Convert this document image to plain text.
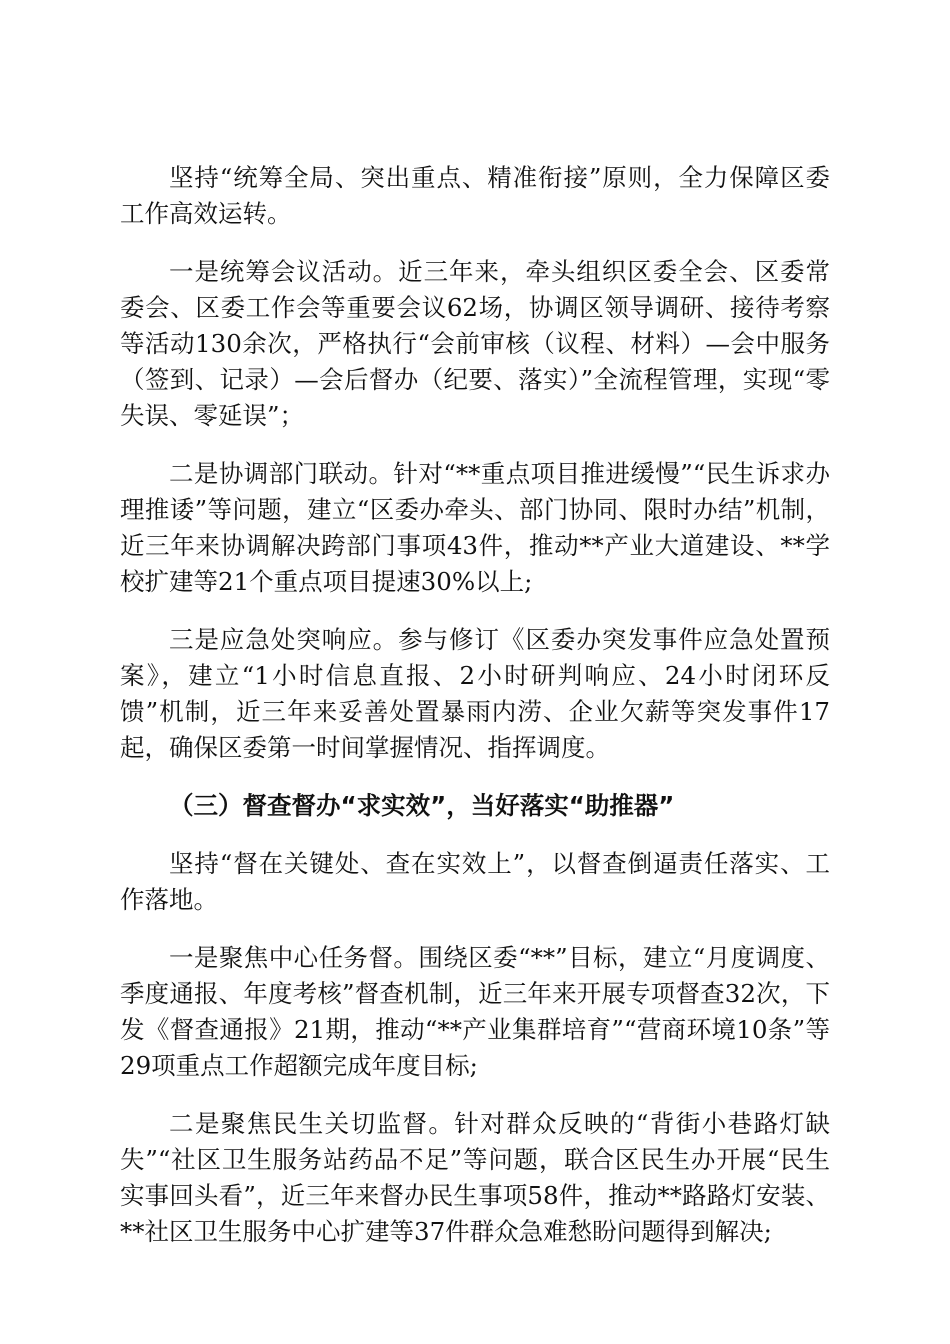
坚持“统筹全局、突出重点、精准衔接”原则，全力保障区委工作高效运转。

一是统筹会议活动。近三年来，牵头组织区委全会、区委常委会、区委工作会等重要会议62场，协调区领导调研、接待考察等活动130余次，严格执行“会前审核（议程、材料）—会中服务（签到、记录）—会后督办（纪要、落实）”全流程管理，实现“零失误、零延误”；

二是协调部门联动。针对“**重点项目推进缓慢”“民生诉求办理推诿”等问题，建立“区委办牵头、部门协同、限时办结”机制，近三年来协调解决跨部门事项43件，推动**产业大道建设、**学校扩建等21个重点项目提速30%以上;

三是应急处突响应。参与修订《区委办突发事件应急处置预案》，建立“1小时信息直报、2小时研判响应、24小时闭环反馈”机制，近三年来妥善处置暴雨内涝、企业欠薪等突发事件17起，确保区委第一时间掌握情况、指挥调度。

（三）督查督办“求实效”，当好落实“助推器”

坚持“督在关键处、查在实效上”，以督查倒逼责任落实、工作落地。

一是聚焦中心任务督。围绕区委“**”目标，建立“月度调度、季度通报、年度考核”督查机制，近三年来开展专项督查32次，下发《督查通报》21期，推动“**产业集群培育”“营商环境10条”等29项重点工作超额完成年度目标;

二是聚焦民生关切监督。针对群众反映的“背街小巷路灯缺失”“社区卫生服务站药品不足”等问题，联合区民生办开展“民生实事回头看”，近三年来督办民生事项58件，推动**路路灯安装、**社区卫生服务中心扩建等37件群众急难愁盼问题得到解决;
